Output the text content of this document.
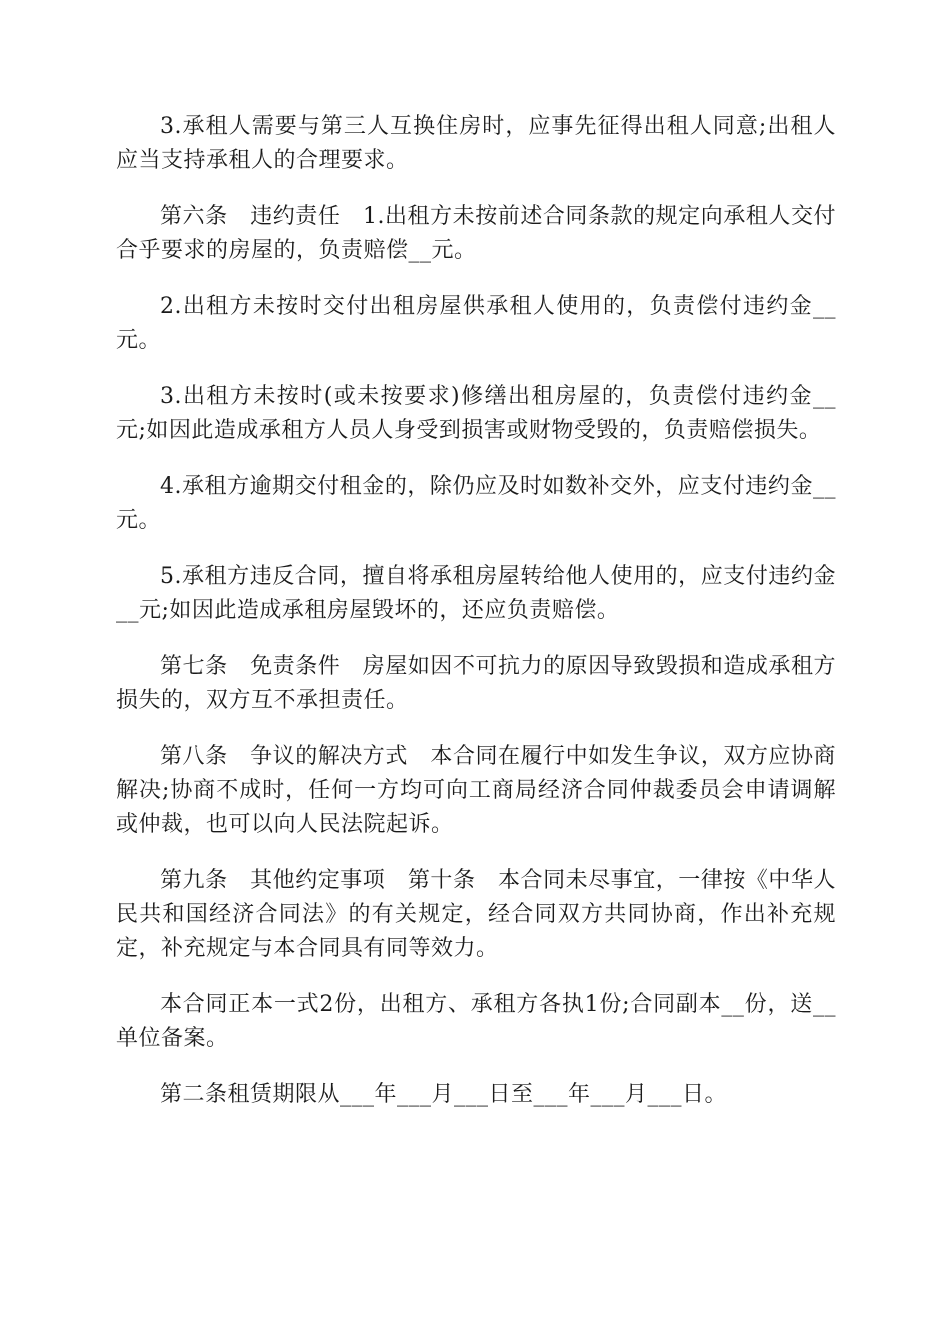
3.承租人需要与第三人互换住房时，应事先征得出租人同意;出租人应当支持承租人的合理要求。

第六条　违约责任　1.出租方未按前述合同条款的规定向承租人交付合乎要求的房屋的，负责赔偿__元。

2.出租方未按时交付出租房屋供承租人使用的，负责偿付违约金__元。

3.出租方未按时(或未按要求)修缮出租房屋的，负责偿付违约金__元;如因此造成承租方人员人身受到损害或财物受毁的，负责赔偿损失。

4.承租方逾期交付租金的，除仍应及时如数补交外，应支付违约金__元。

5.承租方违反合同，擅自将承租房屋转给他人使用的，应支付违约金__元;如因此造成承租房屋毁坏的，还应负责赔偿。

第七条　免责条件　房屋如因不可抗力的原因导致毁损和造成承租方损失的，双方互不承担责任。

第八条　争议的解决方式　本合同在履行中如发生争议，双方应协商解决;协商不成时，任何一方均可向工商局经济合同仲裁委员会申请调解或仲裁，也可以向人民法院起诉。

第九条　其他约定事项　第十条　本合同未尽事宜，一律按《中华人民共和国经济合同法》的有关规定，经合同双方共同协商，作出补充规定，补充规定与本合同具有同等效力。

本合同正本一式2份，出租方、承租方各执1份;合同副本__份，送__单位备案。

第二条租赁期限从___年___月___日至___年___月___日。
